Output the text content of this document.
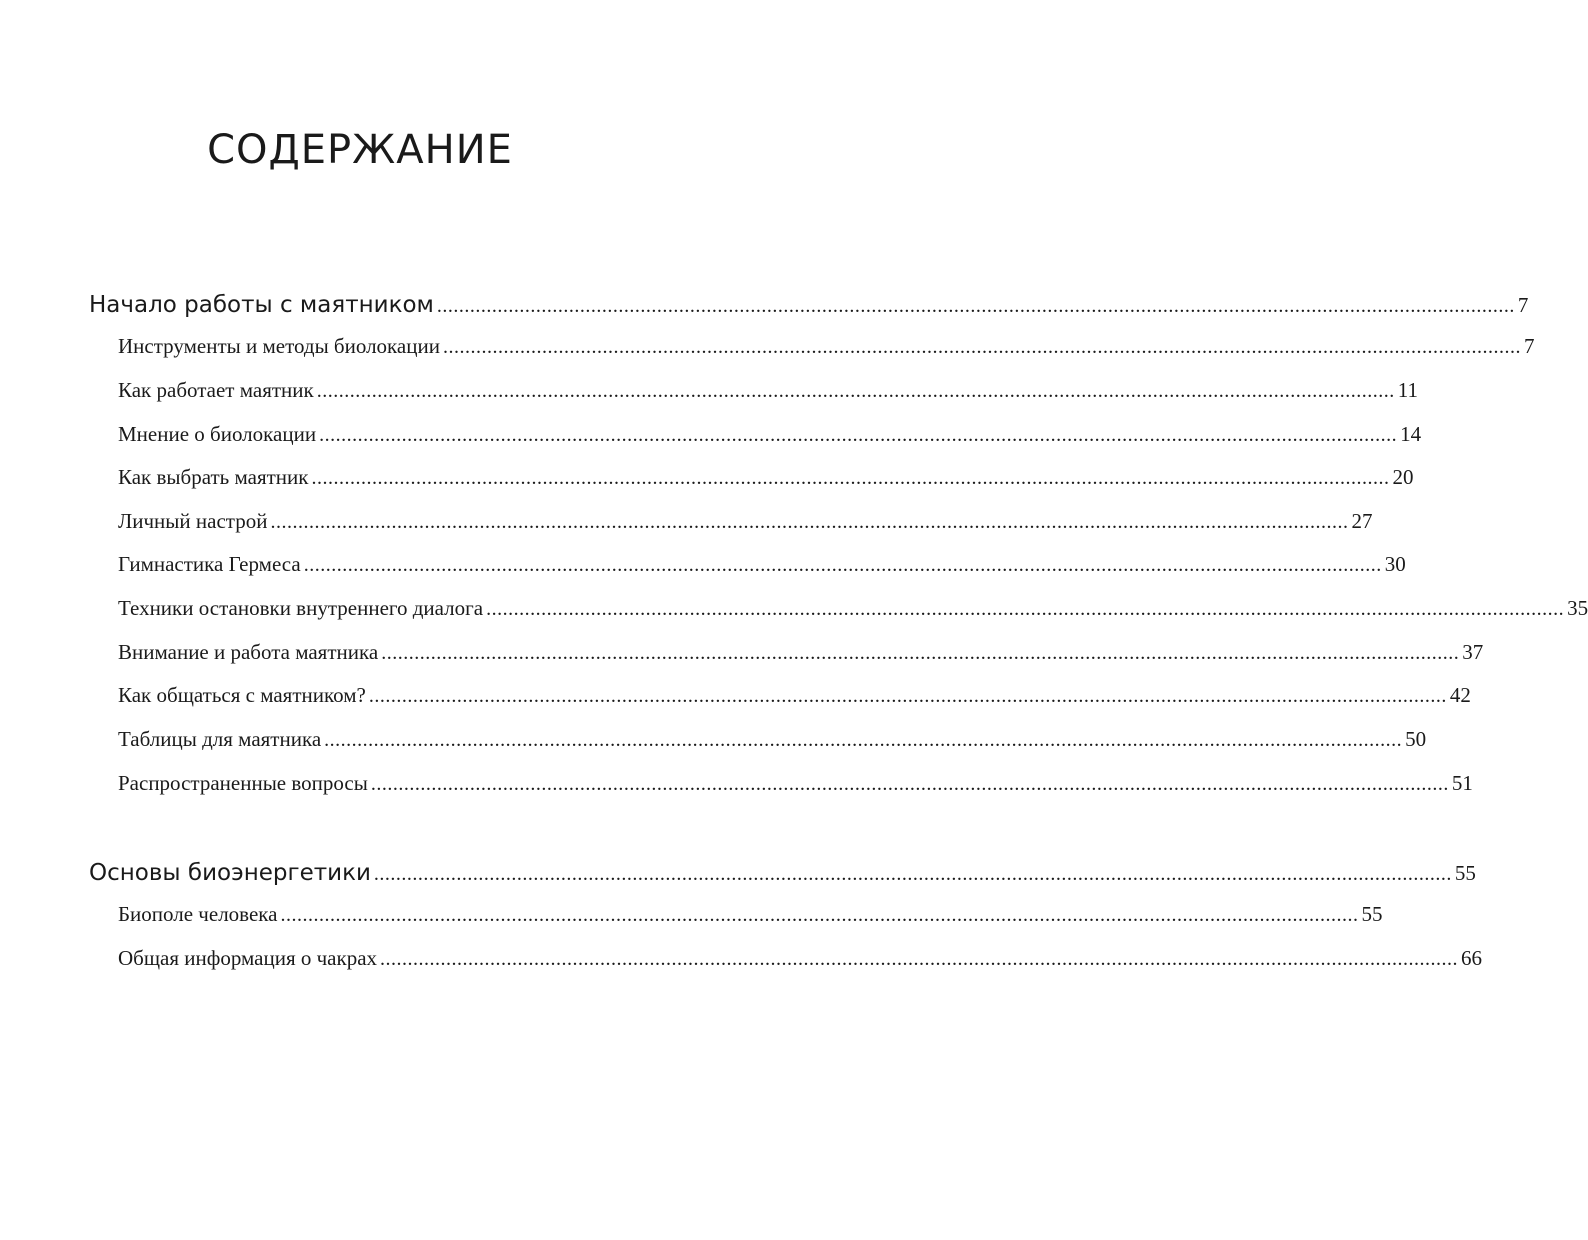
СОДЕРЖАНИЕ
Начало работы с маятником .................................................................................................................................................................................................... 7
Инструменты и методы биолокации .................................................................................................................................................................................................... 7
Как работает маятник .................................................................................................................................................................................................... 11
Мнение о биолокации .................................................................................................................................................................................................... 14
Как выбрать маятник .................................................................................................................................................................................................... 20
Личный настрой .................................................................................................................................................................................................... 27
Гимнастика Гермеса .................................................................................................................................................................................................... 30
Техники остановки внутреннего диалога .................................................................................................................................................................................................... 35
Внимание и работа маятника .................................................................................................................................................................................................... 37
Как общаться с маятником? .................................................................................................................................................................................................... 42
Таблицы для маятника .................................................................................................................................................................................................... 50
Распространенные вопросы .................................................................................................................................................................................................... 51
Основы биоэнергетики .................................................................................................................................................................................................... 55
Биополе человека .................................................................................................................................................................................................... 55
Общая информация о чакрах .................................................................................................................................................................................................... 66
